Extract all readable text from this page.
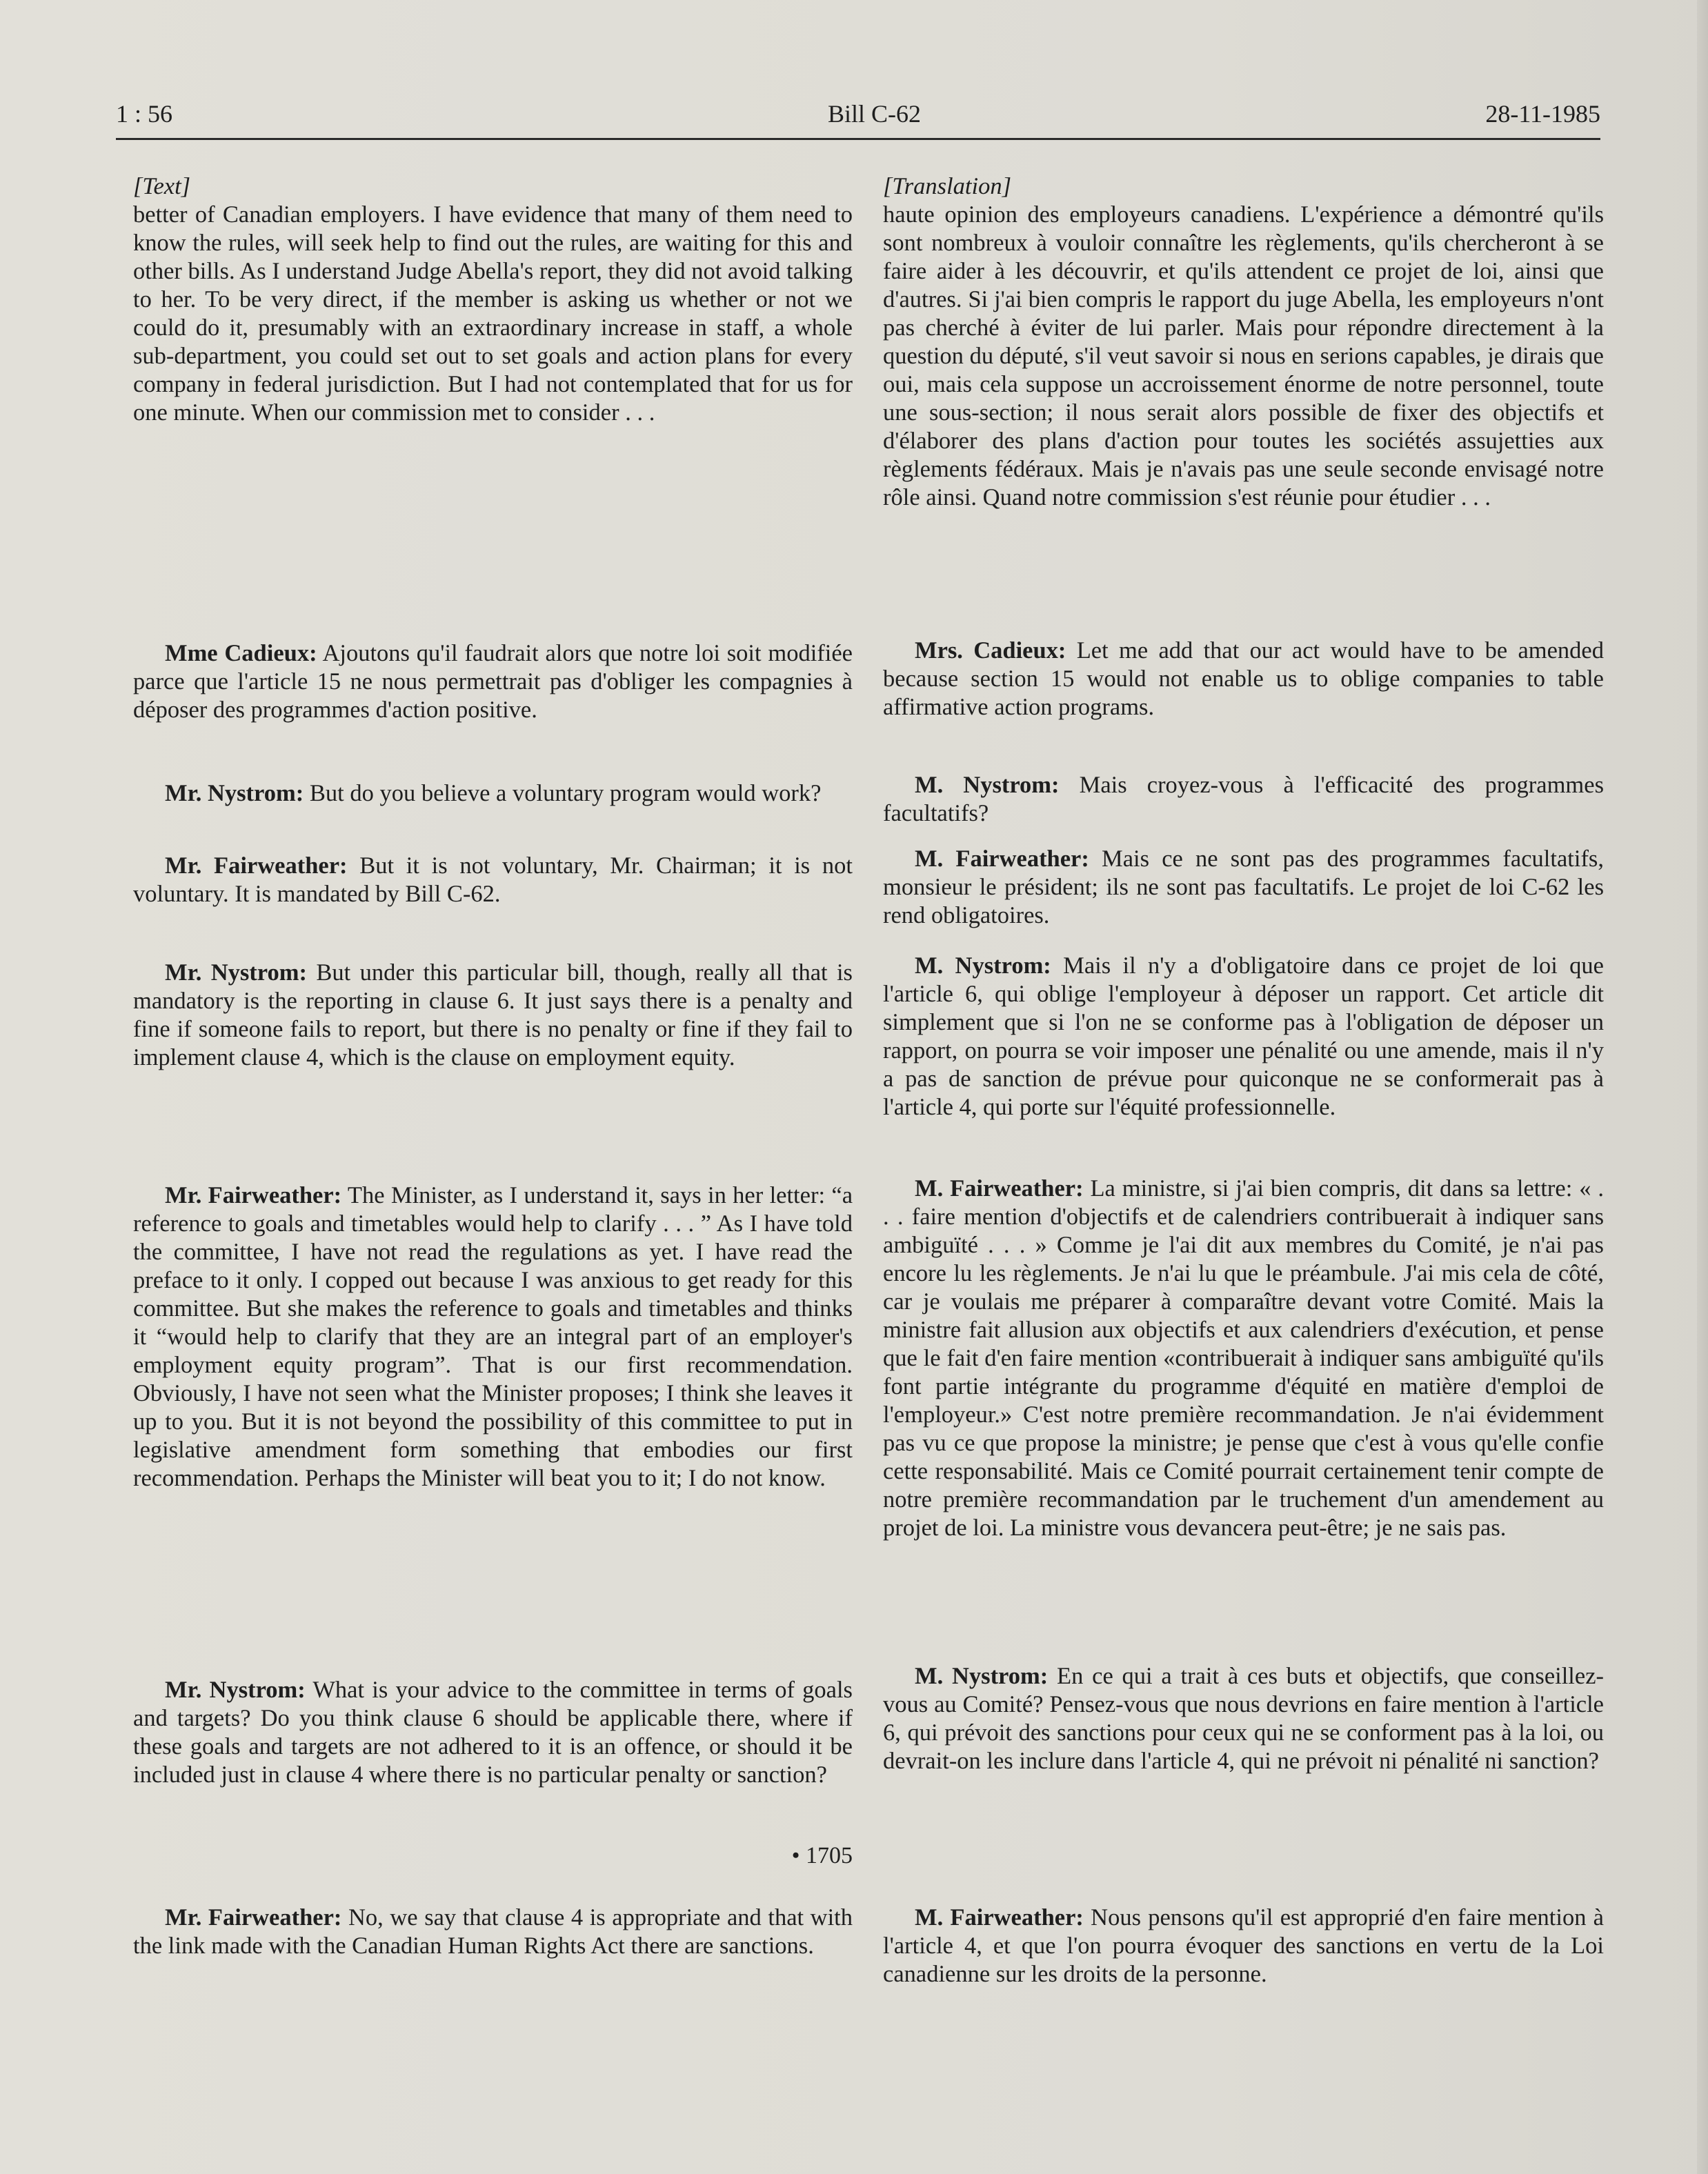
1 : 56	Bill C-62	28-11-1985

[Text]

better of Canadian employers. I have evidence that many of them need to know the rules, will seek help to find out the rules, are waiting for this and other bills. As I understand Judge Abella's report, they did not avoid talking to her. To be very direct, if the member is asking us whether or not we could do it, presumably with an extraordinary increase in staff, a whole sub-department, you could set out to set goals and action plans for every company in federal jurisdiction. But I had not contemplated that for us for one minute. When our commission met to consider . . .

Mme Cadieux: Ajoutons qu'il faudrait alors que notre loi soit modifiée parce que l'article 15 ne nous permettrait pas d'obliger les compagnies à déposer des programmes d'action positive.

Mr. Nystrom: But do you believe a voluntary program would work?

Mr. Fairweather: But it is not voluntary, Mr. Chairman; it is not voluntary. It is mandated by Bill C-62.

Mr. Nystrom: But under this particular bill, though, really all that is mandatory is the reporting in clause 6. It just says there is a penalty and fine if someone fails to report, but there is no penalty or fine if they fail to implement clause 4, which is the clause on employment equity.

Mr. Fairweather: The Minister, as I understand it, says in her letter: “a reference to goals and timetables would help to clarify . . . ” As I have told the committee, I have not read the regulations as yet. I have read the preface to it only. I copped out because I was anxious to get ready for this committee. But she makes the reference to goals and timetables and thinks it “would help to clarify that they are an integral part of an employer's employment equity program”. That is our first recommendation. Obviously, I have not seen what the Minister proposes; I think she leaves it up to you. But it is not beyond the possibility of this committee to put in legislative amendment form something that embodies our first recommendation. Perhaps the Minister will beat you to it; I do not know.

Mr. Nystrom: What is your advice to the committee in terms of goals and targets? Do you think clause 6 should be applicable there, where if these goals and targets are not adhered to it is an offence, or should it be included just in clause 4 where there is no particular penalty or sanction?

• 1705

Mr. Fairweather: No, we say that clause 4 is appropriate and that with the link made with the Canadian Human Rights Act there are sanctions.

[Translation]

haute opinion des employeurs canadiens. L'expérience a démontré qu'ils sont nombreux à vouloir connaître les règlements, qu'ils chercheront à se faire aider à les découvrir, et qu'ils attendent ce projet de loi, ainsi que d'autres. Si j'ai bien compris le rapport du juge Abella, les employeurs n'ont pas cherché à éviter de lui parler. Mais pour répondre directement à la question du député, s'il veut savoir si nous en serions capables, je dirais que oui, mais cela suppose un accroissement énorme de notre personnel, toute une sous-section; il nous serait alors possible de fixer des objectifs et d'élaborer des plans d'action pour toutes les sociétés assujetties aux règlements fédéraux. Mais je n'avais pas une seule seconde envisagé notre rôle ainsi. Quand notre commission s'est réunie pour étudier . . .

Mrs. Cadieux: Let me add that our act would have to be amended because section 15 would not enable us to oblige companies to table affirmative action programs.

M. Nystrom: Mais croyez-vous à l'efficacité des programmes facultatifs?

M. Fairweather: Mais ce ne sont pas des programmes facultatifs, monsieur le président; ils ne sont pas facultatifs. Le projet de loi C-62 les rend obligatoires.

M. Nystrom: Mais il n'y a d'obligatoire dans ce projet de loi que l'article 6, qui oblige l'employeur à déposer un rapport. Cet article dit simplement que si l'on ne se conforme pas à l'obligation de déposer un rapport, on pourra se voir imposer une pénalité ou une amende, mais il n'y a pas de sanction de prévue pour quiconque ne se conformerait pas à l'article 4, qui porte sur l'équité professionnelle.

M. Fairweather: La ministre, si j'ai bien compris, dit dans sa lettre: « . . . faire mention d'objectifs et de calendriers contribuerait à indiquer sans ambiguïté . . . » Comme je l'ai dit aux membres du Comité, je n'ai pas encore lu les règlements. Je n'ai lu que le préambule. J'ai mis cela de côté, car je voulais me préparer à comparaître devant votre Comité. Mais la ministre fait allusion aux objectifs et aux calendriers d'exécution, et pense que le fait d'en faire mention «contribuerait à indiquer sans ambiguïté qu'ils font partie intégrante du programme d'équité en matière d'emploi de l'employeur.» C'est notre première recommandation. Je n'ai évidemment pas vu ce que propose la ministre; je pense que c'est à vous qu'elle confie cette responsabilité. Mais ce Comité pourrait certainement tenir compte de notre première recommandation par le truchement d'un amendement au projet de loi. La ministre vous devancera peut-être; je ne sais pas.

M. Nystrom: En ce qui a trait à ces buts et objectifs, que conseillez-vous au Comité? Pensez-vous que nous devrions en faire mention à l'article 6, qui prévoit des sanctions pour ceux qui ne se conforment pas à la loi, ou devrait-on les inclure dans l'article 4, qui ne prévoit ni pénalité ni sanction?

M. Fairweather: Nous pensons qu'il est approprié d'en faire mention à l'article 4, et que l'on pourra évoquer des sanctions en vertu de la Loi canadienne sur les droits de la personne.
